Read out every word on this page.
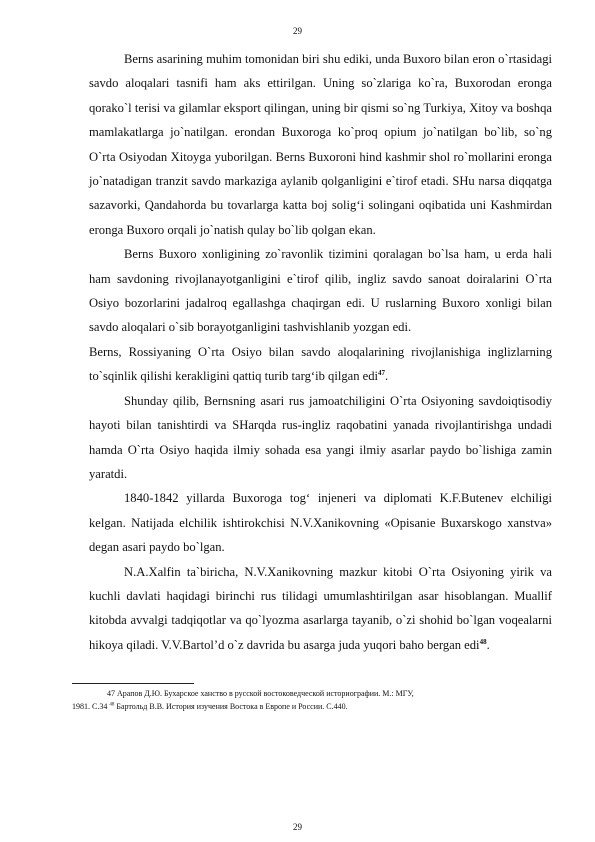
29

Berns asarining muhim tomonidan biri shu ediki, unda Buxoro bilan eron o`rtasidagi savdo aloqalari tasnifi ham aks ettirilgan. Uning so`zlariga ko`ra, Buxorodan eronga qorako`l terisi va gilamlar eksport qilingan, uning bir qismi so`ng Turkiya, Xitoy va boshqa mamlakatlarga jo`natilgan. erondan Buxoroga ko`proq opium jo`natilgan bo`lib, so`ng O`rta Osiyodan Xitoyga yuborilgan. Berns Buxoroni hind kashmir shol ro`mollarini eronga jo`natadigan tranzit savdo markaziga aylanib qolganligini e`tirof etadi. SHu narsa diqqatga sazavorki, Qandahorda bu tovarlarga katta boj solig‘i solingani oqibatida uni Kashmirdan eronga Buxoro orqali jo`natish qulay bo`lib qolgan ekan.

Berns Buxoro xonligining zo`ravonlik tizimini qoralagan bo`lsa ham, u erda hali ham savdoning rivojlanayotganligini e`tirof qilib, ingliz savdo sanoat doiralarini O`rta Osiyo bozorlarini jadalroq egallashga chaqirgan edi. U ruslarning Buxoro xonligi bilan savdo aloqalari o`sib borayotganligini tashvishlanib yozgan edi.

Berns, Rossiyaning O`rta Osiyo bilan savdo aloqalarining rivojlanishiga inglizlarning to`sqinlik qilishi kerakligini qattiq turib targ‘ib qilgan edi$^{47}$.

Shunday qilib, Bernsning asari rus jamoatchiligini O`rta Osiyoning savdoiqtisodiy hayoti bilan tanishtirdi va SHarqda rus-ingliz raqobatini yanada rivojlantirishga undadi hamda O`rta Osiyo haqida ilmiy sohada esa yangi ilmiy asarlar paydo bo`lishiga zamin yaratdi.

1840-1842 yillarda Buxoroga tog‘ injeneri va diplomati K.F.Butenev elchiligi kelgan. Natijada elchilik ishtirokchisi N.V.Xanikovning «Opisanie Buxarskogo xanstva» degan asari paydo bo`lgan.

N.A.Xalfin ta`biricha, N.V.Xanikovning mazkur kitobi O`rta Osiyoning yirik va kuchli davlati haqidagi birinchi rus tilidagi umumlashtirilgan asar hisoblangan. Muallif kitobda avvalgi tadqiqotlar va qo`lyozma asarlarga tayanib, o`zi shohid bo`lgan voqealarni hikoya qiladi. V.V.Bartol’d o`z davrida bu asarga juda yuqori baho bergan edi$^{48}$.

47 Арапов Д.Ю. Бухарское ханство в русской востоковедческой историографии. М.: МГУ,
1981. С.34 $^{48}$ Бартольд В.В. История изучения Востока в Европе и России. С.440.
29
